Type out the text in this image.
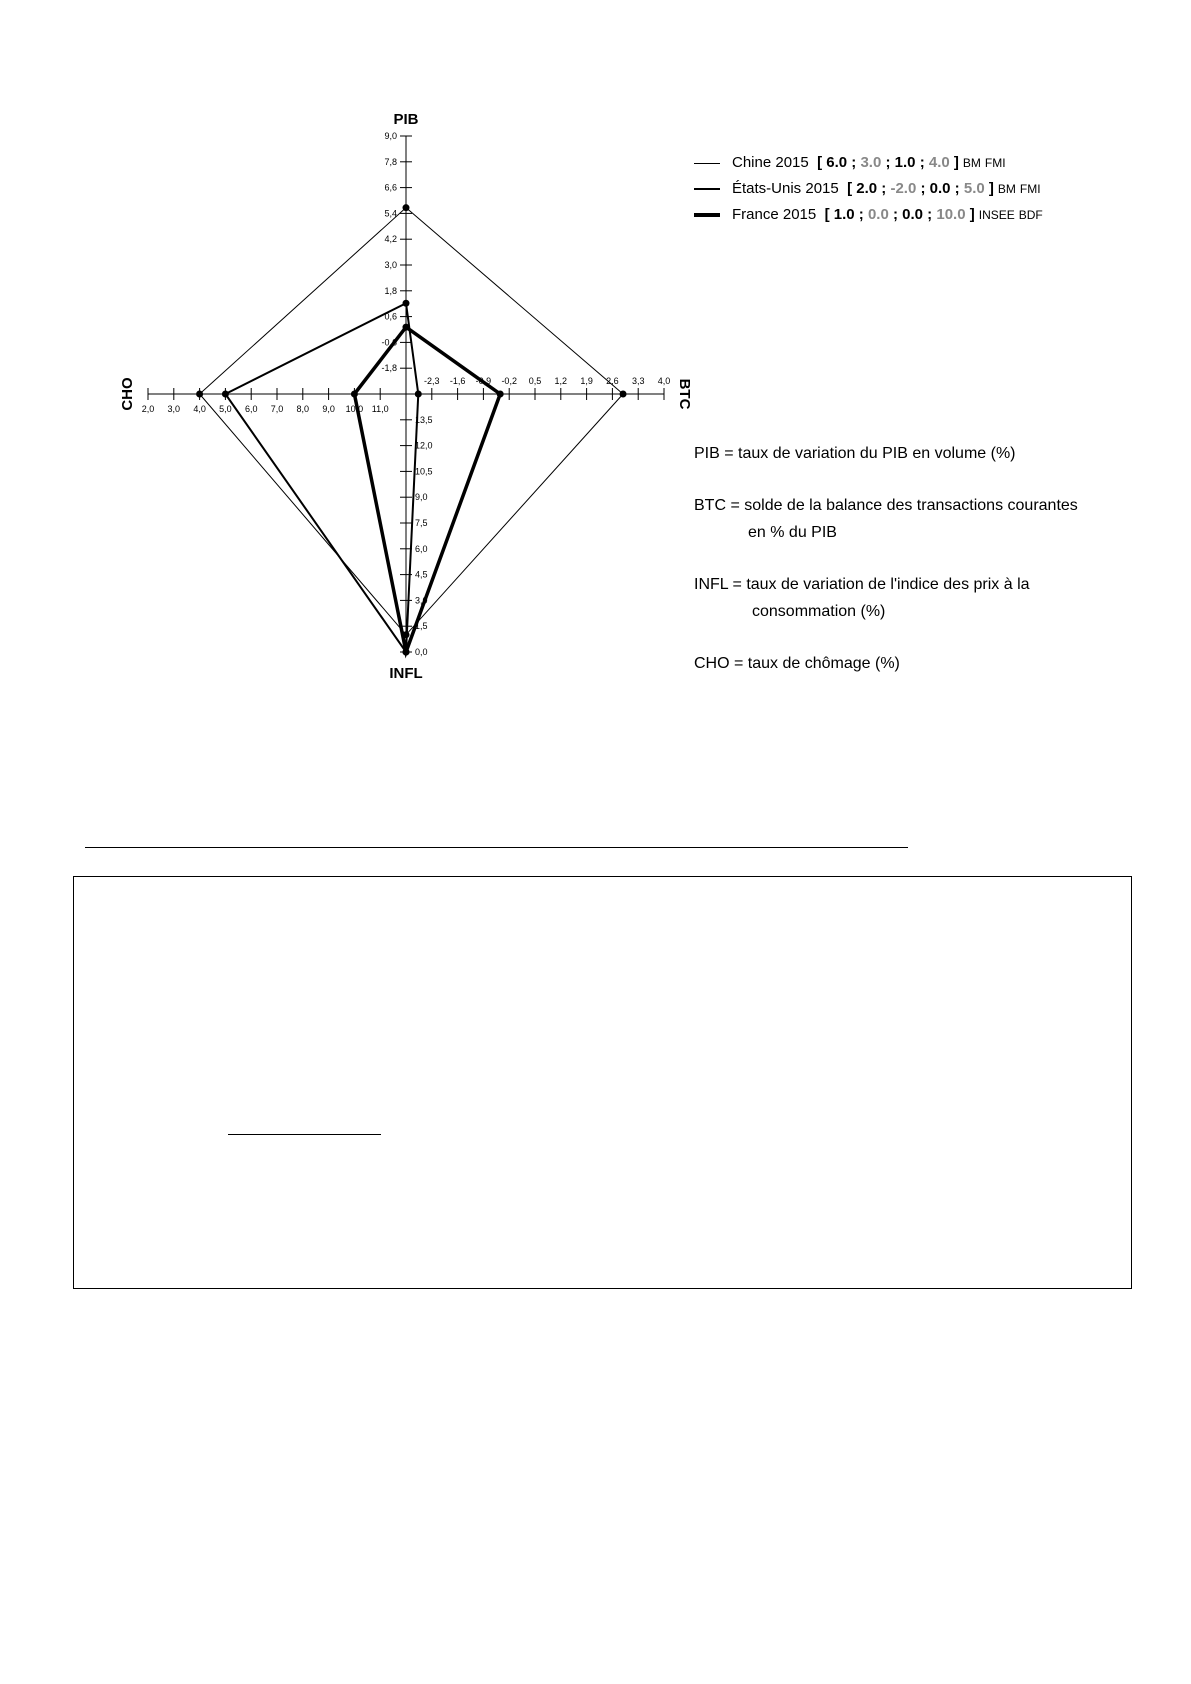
9,0
7,8
6,6
5,4
4,2
3,0
1,8
0,6
-0,6
-1,8
-2,3 -1,6 -0,9 -0,2 0,5 1,2 1,9 2,6 3,3 4,0
13,5
12,0
10,5
9,0
7,5
6,0
4,5
3,0
1,5
0,0
2,0 3,0 4,0 5,0 6,0 7,0 8,0 9,0 10,0 11,0
PIB
INFL
BTC
CHO
Chine
2015
[ 6.0 ; 3.0 ; 1.0 ; 4.0 ] BM FMI
États-Unis
2015
[ 2.0 ; -2.0 ; 0.0 ; 5.0 ] BM FMI
France
2015
[ 1.0 ; 0.0 ; 0.0 ; 10.0 ] INSEE BDF
PIB = taux de variation du PIB en volume (%)
BTC = solde de la balance des transactions courantes
en % du PIB
INFL = taux de variation de l'indice des prix à la
consommation (%)
CHO = taux de chômage (%)
